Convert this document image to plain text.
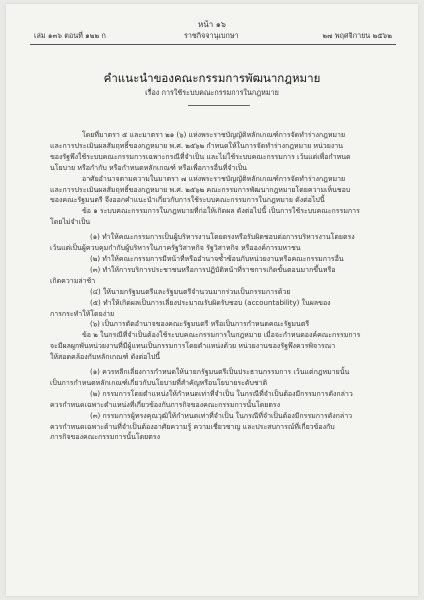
หน้า ๑๖
เล่ม ๑๓๖ ตอนที่ ๑๒๒ ก	ราชกิจจานุเบกษา	๒๗ พฤศจิกายน ๒๕๖๒
คำแนะนำของคณะกรรมการพัฒนากฎหมาย
เรื่อง การใช้ระบบคณะกรรมการในกฎหมาย

โดยที่มาตรา ๕ และมาตรา ๒๑ (๖) แห่งพระราชบัญญัติหลักเกณฑ์การจัดทำร่างกฎหมาย

และการประเมินผลสัมฤทธิ์ของกฎหมาย พ.ศ. ๒๕๖๒ กำหนดให้ในการจัดทำร่างกฎหมาย หน่วยงาน

ของรัฐพึงใช้ระบบคณะกรรมการเฉพาะกรณีที่จำเป็น และไม่ใช้ระบบคณะกรรมการ เว้นแต่เพื่อกำหนด

นโยบาย หรือกำกับ หรือกำหนดหลักเกณฑ์ หรือเพื่อการอื่นที่จำเป็น

อาศัยอำนาจตามความในมาตรา ๗ แห่งพระราชบัญญัติหลักเกณฑ์การจัดทำร่างกฎหมาย

และการประเมินผลสัมฤทธิ์ของกฎหมาย พ.ศ. ๒๕๖๒ คณะกรรมการพัฒนากฎหมายโดยความเห็นชอบ

ของคณะรัฐมนตรี จึงออกคำแนะนำเกี่ยวกับการใช้ระบบคณะกรรมการในกฎหมาย ดังต่อไปนี้

ข้อ ๑ ระบบคณะกรรมการในกฎหมายที่ก่อให้เกิดผล ดังต่อไปนี้ เป็นการใช้ระบบคณะกรรมการ

โดยไม่จำเป็น

(๑) ทำให้คณะกรรมการเป็นผู้บริหารงานโดยตรงหรือรับผิดชอบต่อการบริหารงานโดยตรง

เว้นแต่เป็นผู้ควบคุมกำกับผู้บริหารในภาครัฐวิสาหกิจ รัฐวิสาหกิจ หรือองค์การมหาชน

(๒) ทำให้คณะกรรมการมีหน้าที่หรืออำนาจซ้ำซ้อนกับหน่วยงานหรือคณะกรรมการอื่น

(๓) ทำให้การบริการประชาชนหรือการปฏิบัติหน้าที่ราชการเกิดขั้นตอนมากขึ้นหรือ

เกิดความล่าช้า

(๔) ให้นายกรัฐมนตรีและรัฐมนตรีจำนวนมากร่วมเป็นกรรมการด้วย

(๕) ทำให้เกิดผลเป็นการเลี่ยงประมาณรับผิดรับชอบ (accountability) ในผลของ

การกระทำให้โดยง่าย

(๖) เป็นการตัดอำนาจของคณะรัฐมนตรี หรือเป็นการกำหนดคณะรัฐมนตรี

ข้อ ๒ ในกรณีที่จำเป็นต้องใช้ระบบคณะกรรมการในกฎหมาย เมื่อจะกำหนดองค์คณะกรรมการ

จะมีผลผูกพันหน่วยงานที่มีผู้แทนเป็นกรรมการโดยตำแหน่งด้วย หน่วยงานของรัฐพึงควรพิจารณา

ให้สอดคล้องกับหลักเกณฑ์ ดังต่อไปนี้

(๑) ควรหลีกเลี่ยงการกำหนดให้นายกรัฐมนตรีเป็นประธานกรรมการ เว้นแต่กฎหมายนั้น

เป็นการกำหนดหลักเกณฑ์เกี่ยวกับนโยบายที่สำคัญหรือนโยบายระดับชาติ

(๒) กรรมการโดยตำแหน่งให้กำหนดเท่าที่จำเป็น ในกรณีที่จำเป็นต้องมีกรรมการดังกล่าว

ควรกำหนดเฉพาะตำแหน่งที่เกี่ยวข้องกับภารกิจของคณะกรรมการนั้นโดยตรง

(๓) กรรมการผู้ทรงคุณวุฒิให้กำหนดเท่าที่จำเป็น ในกรณีที่จำเป็นต้องมีกรรมการดังกล่าว

ควรกำหนดเฉพาะด้านที่จำเป็นต้องอาศัยความรู้ ความเชี่ยวชาญ และประสบการณ์ที่เกี่ยวข้องกับ

ภารกิจของคณะกรรมการนั้นโดยตรง
